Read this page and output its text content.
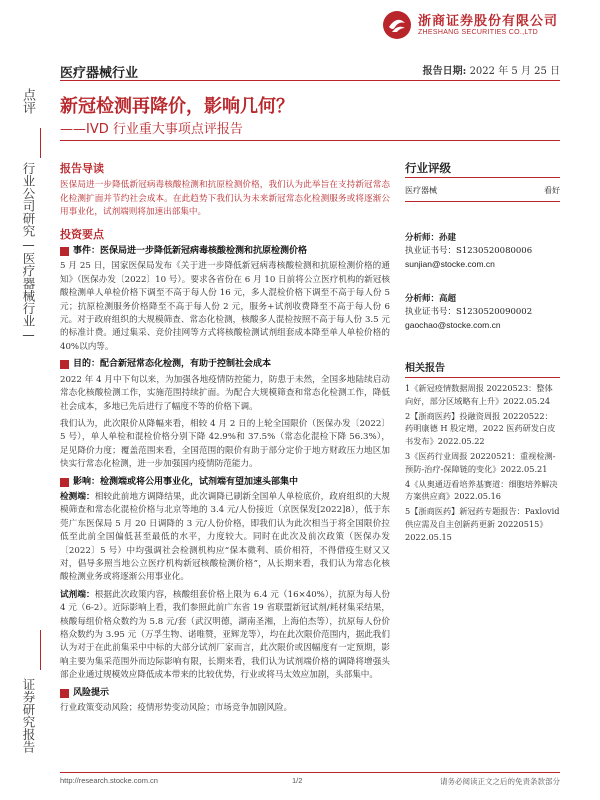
浙商证券股份有限公司
ZHESHANG SECURITIES CO.,LTD
医疗器械行业	报告日期: 2022 年 5 月 25 日
点评
行业公司研究—医疗器械行业—
证券研究报告
新冠检测再降价，影响几何？
——IVD 行业重大事项点评报告
报告导读
医保局进一步降低新冠病毒核酸检测和抗原检测价格，我们认为此举旨在支持新冠常态化检测扩面并节约社会成本。在此趋势下我们认为未来新冠常态化检测服务或将逐渐公用事业化，试剂端则将加速出部集中。
投资要点
事件：医保局进一步降低新冠病毒核酸检测和抗原检测价格
5 月 25 日，国家医保局发布《关于进一步降低新冠病毒核酸检测和抗原检测价格的通知》（医保办发〔2022〕10 号）。要求各省份在 6 月 10 日前将公立医疗机构的新冠核酸检测单人单检价格下调至不高于每人份 16 元，多人混检价格下调至不高于每人份 5 元；抗原检测服务价格降至不高于每人份 2 元，服务+试剂收费降至不高于每人份 6 元。对于政府组织的大规模筛查、常态化检测，核酸多人混检按照不高于每人份 3.5 元的标准计费。通过集采、竞价挂网等方式将核酸检测试剂组套成本降至单人单检价格的 40%以内等。
目的：配合新冠常态化检测，有助于控制社会成本
2022 年 4 月中下旬以来，为加强各地疫情防控能力，防患于未然，全国多地陆续启动常态化核酸检测工作，实施范围持续扩面。为配合大规模筛查和常态化检测工作，降低社会成本，多地已先后进行了幅度不等的价格下调。
我们认为，此次限价从降幅来看，相较 4 月 2 日的上轮全国限价（医保办发〔2022〕5 号），单人单检和混检价格分别下降 42.9%和 37.5%（常态化混检下降 56.3%），足见降价力度；覆盖范围来看，全国范围的限价有助于部分定价于地方财政压力地区加快实行常态化检测，进一步加强国内疫情防范能力。
影响：检测端或将公用事业化，试剂端有望加速头部集中
检测端：相较此前地方调降结果，此次调降已刷新全国单人单检底价，政府组织的大规模筛查和常态化混检价格与北京等地的 3.4 元/人份接近（京医保发[2022]8），低于东莞广东医保局 5 月 20 日调降的 3 元/人份价格，即我们认为此次相当于将全国限价拉低至此前全国偏低甚至最低的水平，力度较大。同时在此次及前次政策（医保办发〔2022〕5 号）中均强调社会检测机构应“保本微利、质价相符，不得借疫生财又又对，倡导多照当地公立医疗机构新冠核酸检测价格”，从长期来看，我们认为常态化核酸检测业务或将逐渐公用事业化。
试剂端：根据此次政策内容，核酸组套价格上限为 6.4 元（16×40%），抗原为每人份 4 元（6-2）。近际影响上看，我们参照此前广东省 19 省联盟新冠试剂/耗材集采结果，核酸每组价格众数约为 5.8 元/套（武汉明德，湖南圣湘，上海伯杰等），抗原每人份价格众数约为 3.95 元（万孚生物、诺唯赞，亚辉龙等），均在此次限价范围内，据此我们认为对于在此前集采中中标的大部分试剂厂家而言，此次限价或因幅度有一定预期，影响主要为集采范围外而边际影响有限，长期来看，我们认为试剂端价格的调降将增强头部企业通过规模效应降低成本带来的比较优势，行业或将马太效应加剧，头部集中。
风险提示
行业政策变动风险；疫情形势变动风险；市场竞争加剧风险。
行业评级
医疗器械	看好
分析师：孙建
执业证书号：S1230520080006
sunjian@stocke.com.cn
分析师：高超
执业证书号：S1230520090002
gaochao@stocke.com.cn
相关报告
1《新冠疫情数据周报 20220523：整体向好，部分区域略有上升》2022.05.24
2【浙商医药】投融资周报 20220522：药明康德 H 股定增，2022 医药研发白皮书发布》2022.05.22
3《医药行业周报 20220521：重视检测-预防-治疗-保障链的变化》2022.05.21
4《从奥通迈看培养基赛道：细胞培养解决方案供应商》2022.05.16
5【浙商医药】新冠药专题报告：Paxlovid 供应需及自主创新药更新 20220515》2022.05.15
http://research.stocke.com.cn	1/2	请务必阅读正文之后的免责条款部分
